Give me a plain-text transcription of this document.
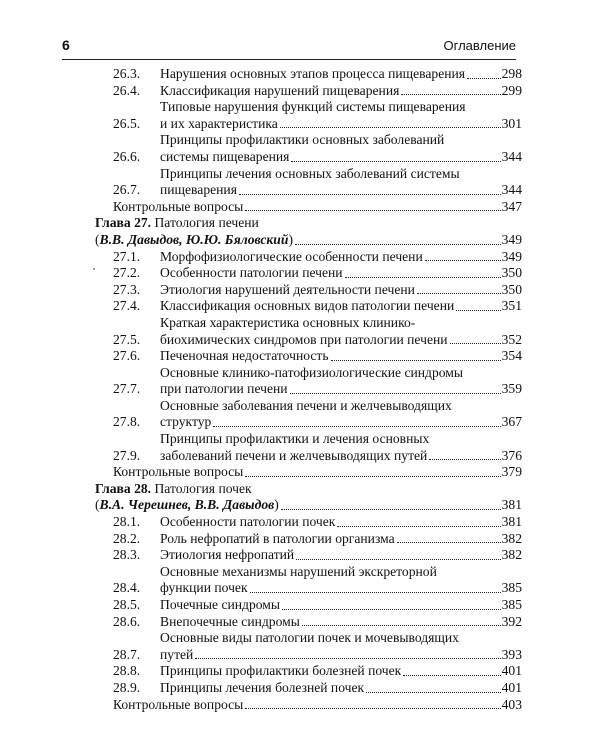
6	Оглавление
26.3.	Нарушения основных этапов процесса пищеварения	298
26.4.	Классификация нарушений пищеварения	299
26.5.
Типовые нарушения функций системы пищеварения
и их характеристика	301
26.6.
Принципы профилактики основных заболеваний
системы пищеварения	344
26.7.
Принципы лечения основных заболеваний системы
пищеварения	344
Контрольные вопросы	347
Глава 27. Патология печени
(В.В. Давыдов, Ю.Ю. Бяловский)	349
27.1.	Морфофизиологические особенности печени	349
27.2.	Особенности патологии печени	350
27.3.	Этиология нарушений деятельности печени	350
27.4.	Классификация основных видов патологии печени	351
27.5.
Краткая характеристика основных клинико-
биохимических синдромов при патологии печени	352
27.6.	Печеночная недостаточность	354
27.7.
Основные клинико-патофизиологические синдромы
при патологии печени	359
27.8.
Основные заболевания печени и желчевыводящих
структур	367
27.9.
Принципы профилактики и лечения основных
заболеваний печени и желчевыводящих путей	376
Контрольные вопросы	379
Глава 28. Патология почек
(В.А. Черешнев, В.В. Давыдов)	381
28.1.	Особенности патологии почек	381
28.2.	Роль нефропатий в патологии организма	382
28.3.	Этиология нефропатий	382
28.4.
Основные механизмы нарушений экскреторной
функции почек	385
28.5.	Почечные синдромы	385
28.6.	Внепочечные синдромы	392
28.7.
Основные виды патологии почек и мочевыводящих
путей	393
28.8.	Принципы профилактики болезней почек	401
28.9.	Принципы лечения болезней почек	401
Контрольные вопросы	403
